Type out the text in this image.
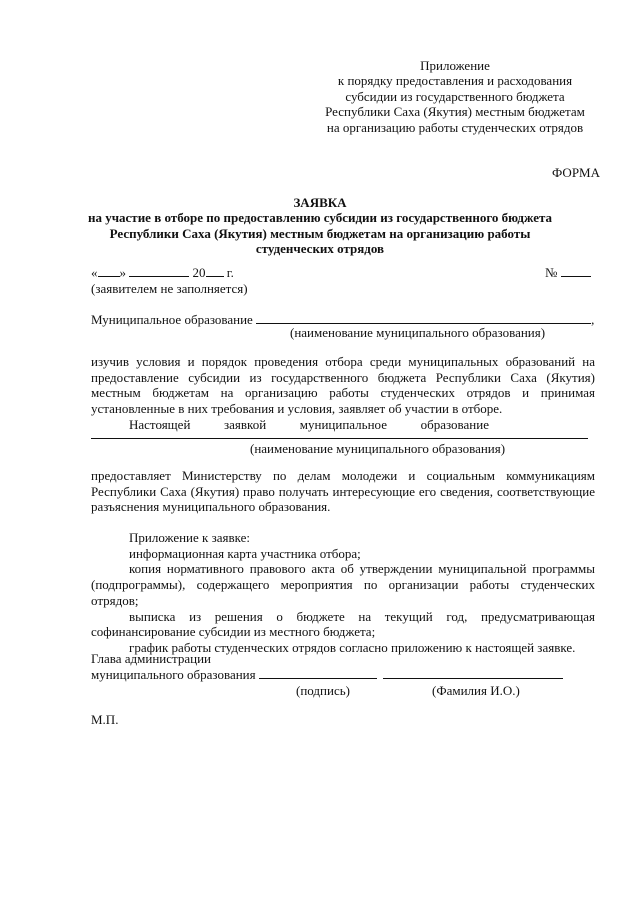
Приложение
к порядку предоставления и расходования
субсидии из государственного бюджета
Республики Саха (Якутия) местным бюджетам
на организацию работы студенческих отрядов
ФОРМА
ЗАЯВКА
на участие в отборе по предоставлению субсидии из государственного бюджета
Республики Саха (Якутия) местным бюджетам на организацию работы
студенческих отрядов
« »	20 г.	№
(заявителем не заполняется)
Муниципальное образование	,
(наименование муниципального образования)

изучив условия и порядок проведения отбора среди муниципальных образований на предоставление субсидии из государственного бюджета Республики Саха (Якутия) местным бюджетам на организацию работы студенческих отрядов и принимая установленные в них требования и условия, заявляет об участии в отборе.

Настоящей	заявкой	муниципальное	образование

(наименование муниципального образования)

предоставляет Министерству по делам молодежи и социальным коммуникациям Республики Саха (Якутия) право получать интересующие его сведения, соответствующие разъяснения муниципального образования.

Приложение к заявке:

информационная карта участника отбора;

копия нормативного правового акта об утверждении муниципальной программы (подпрограммы), содержащего мероприятия по организации работы студенческих отрядов;

выписка из решения о бюджете на текущий год, предусматривающая софинансирование субсидии из местного бюджета;

график работы студенческих отрядов согласно приложению к настоящей заявке.

Глава администрации
муниципального образования
(подпись)	(Фамилия И.О.)
М.П.
